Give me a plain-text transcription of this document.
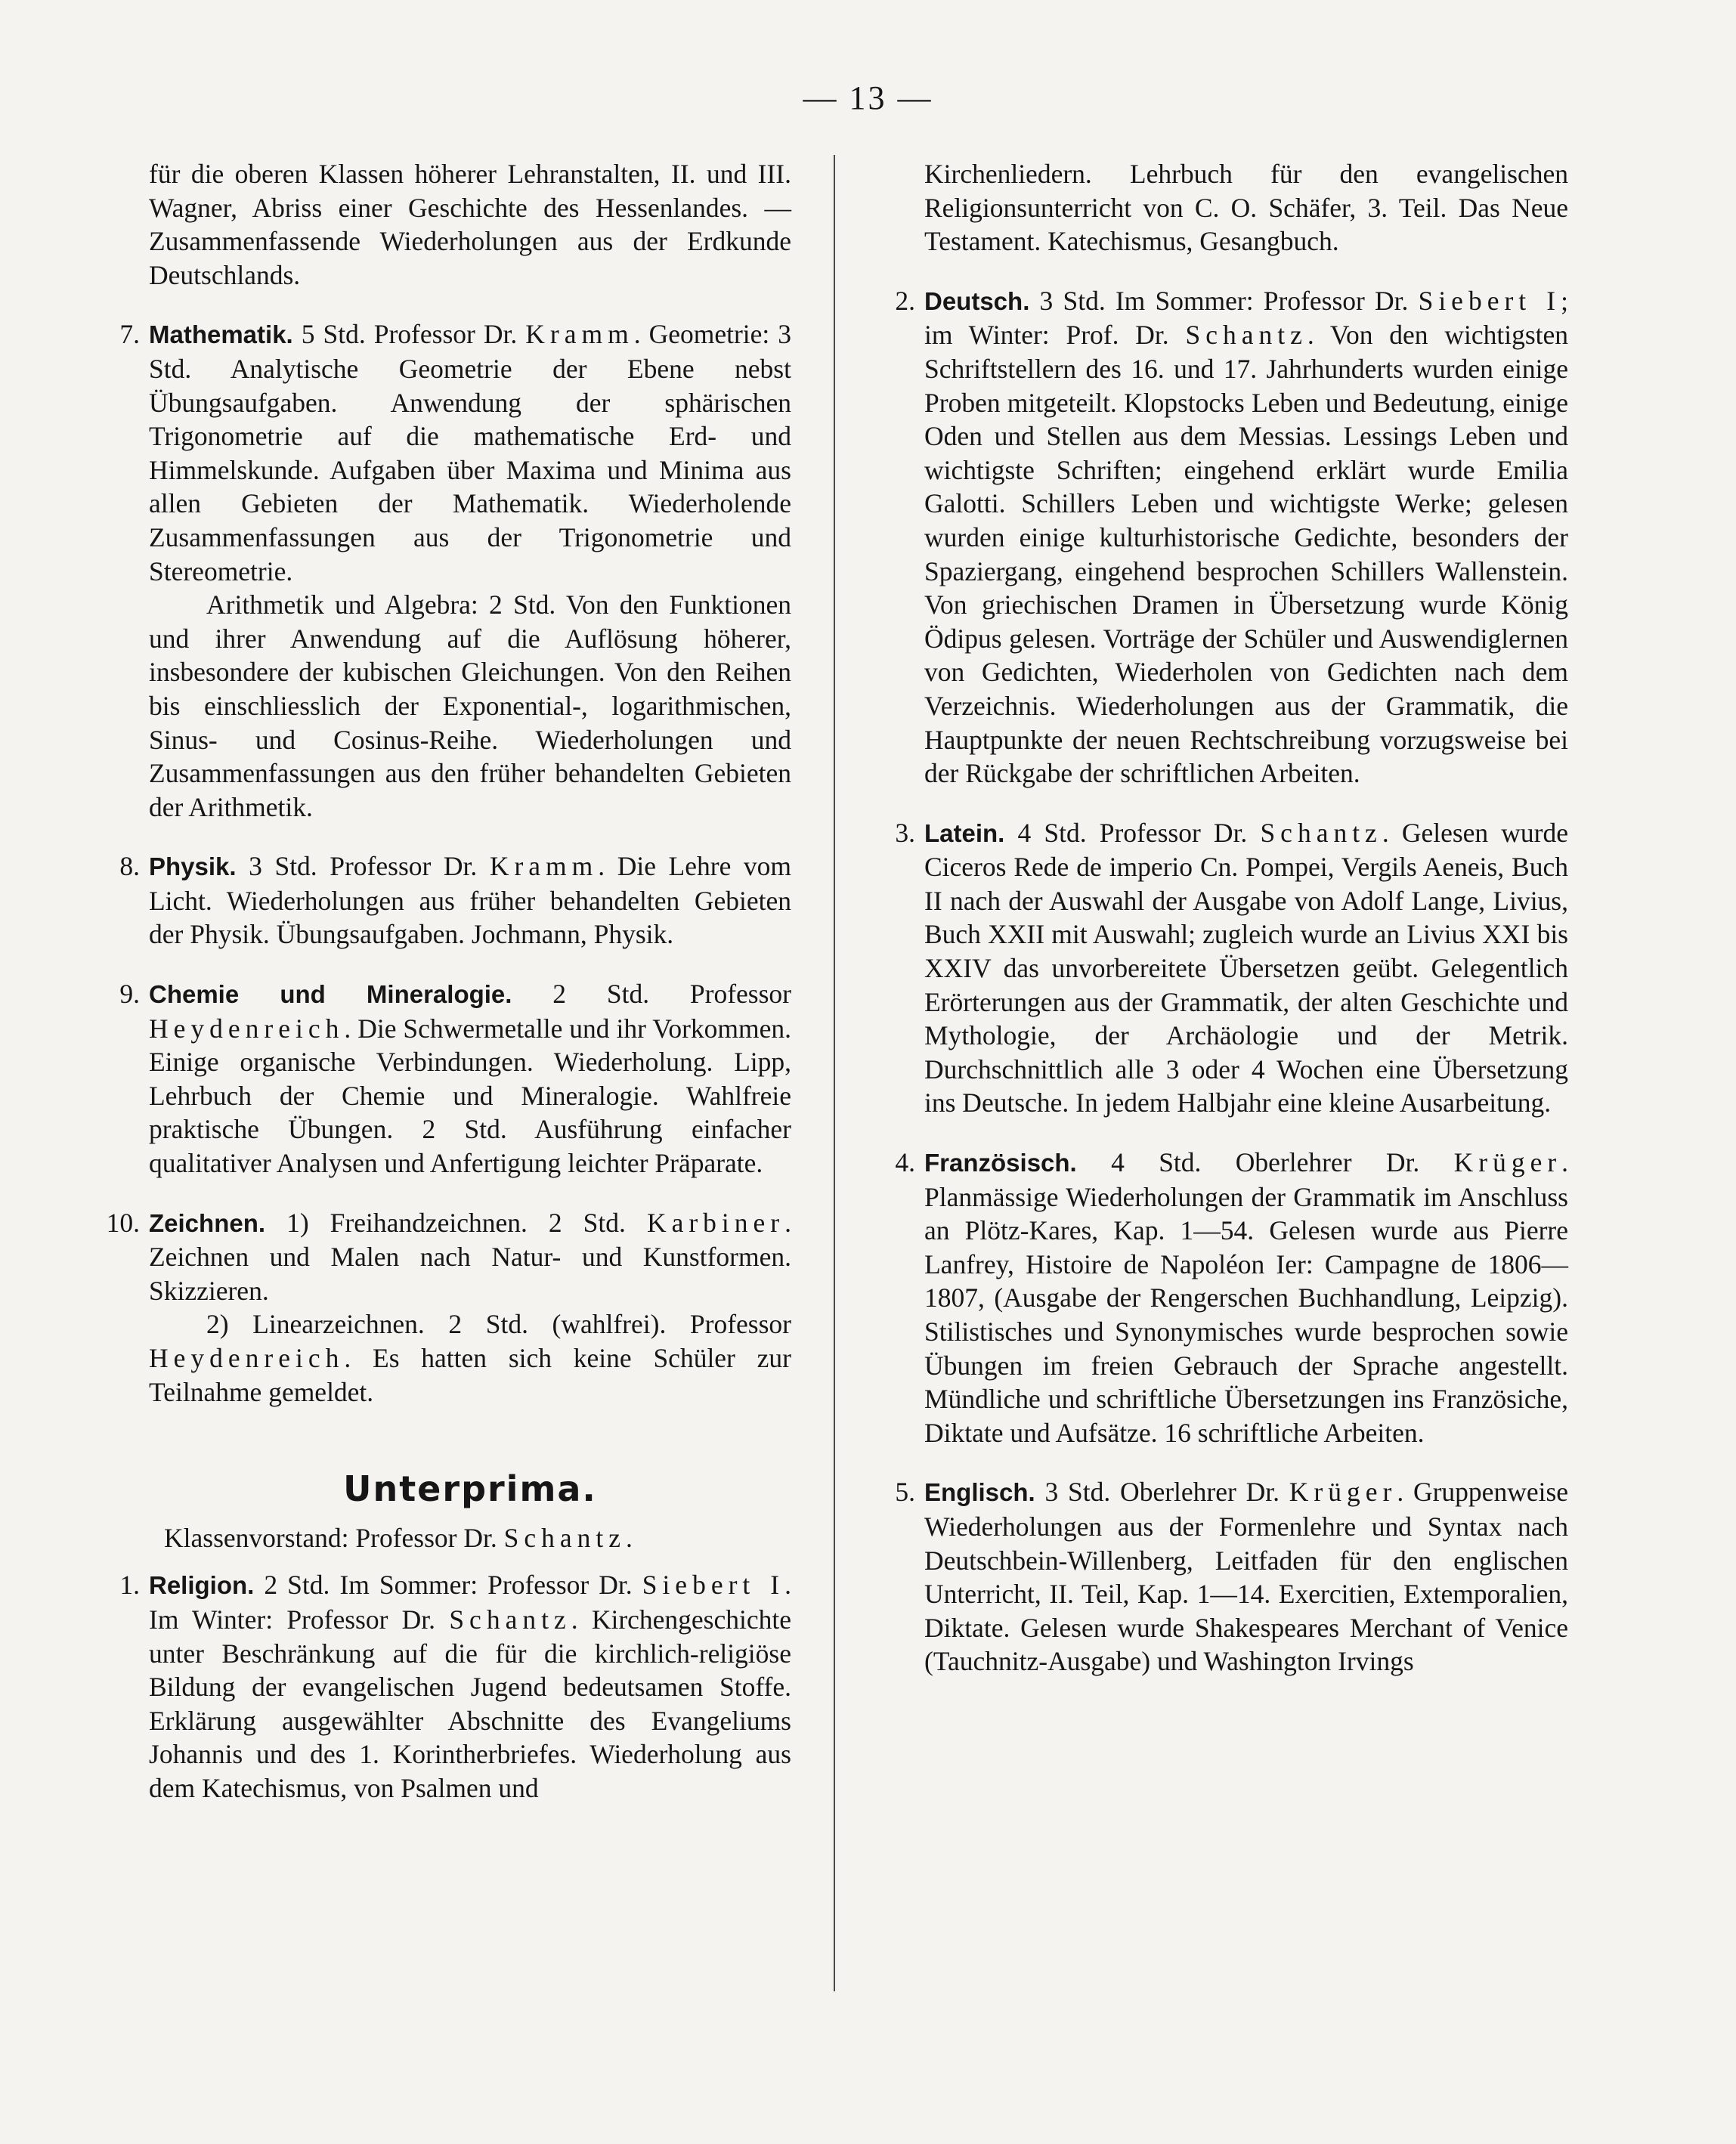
— 13 —

für die oberen Klassen höherer Lehranstalten, II. und III. Wagner, Abriss einer Geschichte des Hessenlandes. — Zusammenfassende Wiederholungen aus der Erdkunde Deutschlands.

7. Mathematik. 5 Std. Professor Dr. Kramm. Geometrie: 3 Std. Analytische Geometrie der Ebene nebst Übungsaufgaben. Anwendung der sphärischen Trigonometrie auf die mathematische Erd- und Himmelskunde. Aufgaben über Maxima und Minima aus allen Gebieten der Mathematik. Wiederholende Zusammenfassungen aus der Trigonometrie und Stereometrie.

Arithmetik und Algebra: 2 Std. Von den Funktionen und ihrer Anwendung auf die Auflösung höherer, insbesondere der kubischen Gleichungen. Von den Reihen bis einschliesslich der Exponential-, logarithmischen, Sinus- und Cosinus-Reihe. Wiederholungen und Zusammenfassungen aus den früher behandelten Gebieten der Arithmetik.

8. Physik. 3 Std. Professor Dr. Kramm. Die Lehre vom Licht. Wiederholungen aus früher behandelten Gebieten der Physik. Übungsaufgaben. Jochmann, Physik.
9. Chemie und Mineralogie. 2 Std. Professor Heydenreich. Die Schwermetalle und ihr Vorkommen. Einige organische Verbindungen. Wiederholung. Lipp, Lehrbuch der Chemie und Mineralogie. Wahlfreie praktische Übungen. 2 Std. Ausführung einfacher qualitativer Analysen und Anfertigung leichter Präparate.
10. Zeichnen. 1) Freihandzeichnen. 2 Std. Karbiner. Zeichnen und Malen nach Natur- und Kunstformen. Skizzieren.

2) Linearzeichnen. 2 Std. (wahlfrei). Professor Heydenreich. Es hatten sich keine Schüler zur Teilnahme gemeldet.

Unterprima.

Klassenvorstand: Professor Dr. Schantz.

1. Religion. 2 Std. Im Sommer: Professor Dr. Siebert I. Im Winter: Professor Dr. Schantz. Kirchengeschichte unter Beschränkung auf die für die kirchlich-religiöse Bildung der evangelischen Jugend bedeutsamen Stoffe. Erklärung ausgewählter Abschnitte des Evangeliums Johannis und des 1. Korintherbriefes. Wiederholung aus dem Katechismus, von Psalmen und

Kirchenliedern. Lehrbuch für den evangelischen Religionsunterricht von C. O. Schäfer, 3. Teil. Das Neue Testament. Katechismus, Gesangbuch.

2. Deutsch. 3 Std. Im Sommer: Professor Dr. Siebert I; im Winter: Prof. Dr. Schantz. Von den wichtigsten Schriftstellern des 16. und 17. Jahrhunderts wurden einige Proben mitgeteilt. Klopstocks Leben und Bedeutung, einige Oden und Stellen aus dem Messias. Lessings Leben und wichtigste Schriften; eingehend erklärt wurde Emilia Galotti. Schillers Leben und wichtigste Werke; gelesen wurden einige kulturhistorische Gedichte, besonders der Spaziergang, eingehend besprochen Schillers Wallenstein. Von griechischen Dramen in Übersetzung wurde König Ödipus gelesen. Vorträge der Schüler und Auswendiglernen von Gedichten, Wiederholen von Gedichten nach dem Verzeichnis. Wiederholungen aus der Grammatik, die Hauptpunkte der neuen Rechtschreibung vorzugsweise bei der Rückgabe der schriftlichen Arbeiten.
3. Latein. 4 Std. Professor Dr. Schantz. Gelesen wurde Ciceros Rede de imperio Cn. Pompei, Vergils Aeneis, Buch II nach der Auswahl der Ausgabe von Adolf Lange, Livius, Buch XXII mit Auswahl; zugleich wurde an Livius XXI bis XXIV das unvorbereitete Übersetzen geübt. Gelegentlich Erörterungen aus der Grammatik, der alten Geschichte und Mythologie, der Archäologie und der Metrik. Durchschnittlich alle 3 oder 4 Wochen eine Übersetzung ins Deutsche. In jedem Halbjahr eine kleine Ausarbeitung.
4. Französisch. 4 Std. Oberlehrer Dr. Krüger. Planmässige Wiederholungen der Grammatik im Anschluss an Plötz-Kares, Kap. 1—54. Gelesen wurde aus Pierre Lanfrey, Histoire de Napoléon Ier: Campagne de 1806—1807, (Ausgabe der Rengerschen Buchhandlung, Leipzig). Stilistisches und Synonymisches wurde besprochen sowie Übungen im freien Gebrauch der Sprache angestellt. Mündliche und schriftliche Übersetzungen ins Französiche, Diktate und Aufsätze. 16 schriftliche Arbeiten.
5. Englisch. 3 Std. Oberlehrer Dr. Krüger. Gruppenweise Wiederholungen aus der Formenlehre und Syntax nach Deutschbein-Willenberg, Leitfaden für den englischen Unterricht, II. Teil, Kap. 1—14. Exercitien, Extemporalien, Diktate. Gelesen wurde Shakespeares Merchant of Venice (Tauchnitz-Ausgabe) und Washington Irvings
